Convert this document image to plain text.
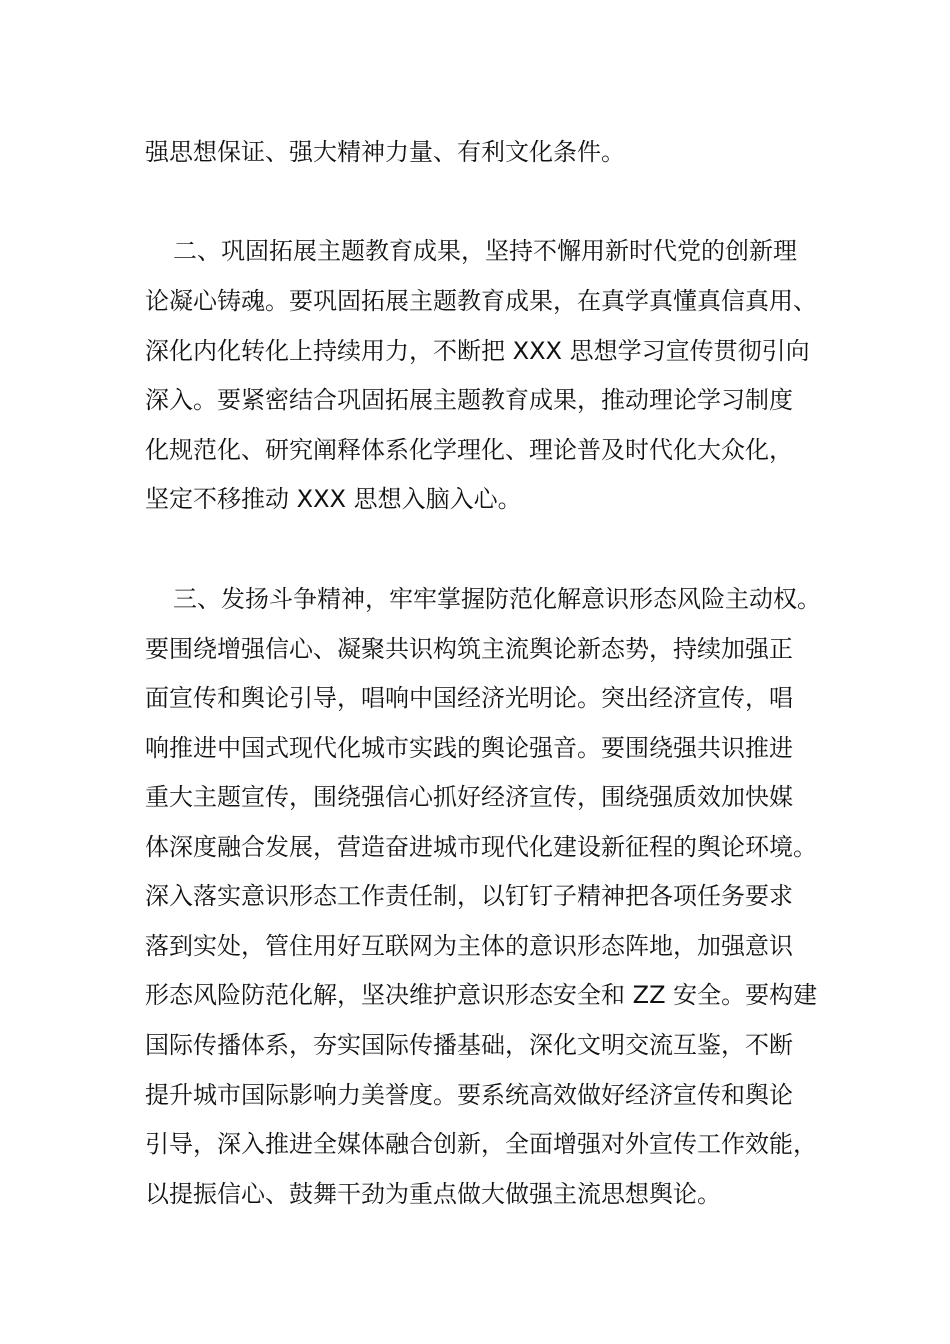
强思想保证、强大精神力量、有利文化条件。
二、巩固拓展主题教育成果，坚持不懈用新时代党的创新理
论凝心铸魂。要巩固拓展主题教育成果，在真学真懂真信真用、
深化内化转化上持续用力，不断把 XXX 思想学习宣传贯彻引向
深入。要紧密结合巩固拓展主题教育成果，推动理论学习制度
化规范化、研究阐释体系化学理化、理论普及时代化大众化，
坚定不移推动 XXX 思想入脑入心。
三、发扬斗争精神，牢牢掌握防范化解意识形态风险主动权。
要围绕增强信心、凝聚共识构筑主流舆论新态势，持续加强正
面宣传和舆论引导，唱响中国经济光明论。突出经济宣传，唱
响推进中国式现代化城市实践的舆论强音。要围绕强共识推进
重大主题宣传，围绕强信心抓好经济宣传，围绕强质效加快媒
体深度融合发展，营造奋进城市现代化建设新征程的舆论环境。
深入落实意识形态工作责任制，以钉钉子精神把各项任务要求
落到实处，管住用好互联网为主体的意识形态阵地，加强意识
形态风险防范化解，坚决维护意识形态安全和 ZZ 安全。要构建
国际传播体系，夯实国际传播基础，深化文明交流互鉴，不断
提升城市国际影响力美誉度。要系统高效做好经济宣传和舆论
引导，深入推进全媒体融合创新，全面增强对外宣传工作效能，
以提振信心、鼓舞干劲为重点做大做强主流思想舆论。
